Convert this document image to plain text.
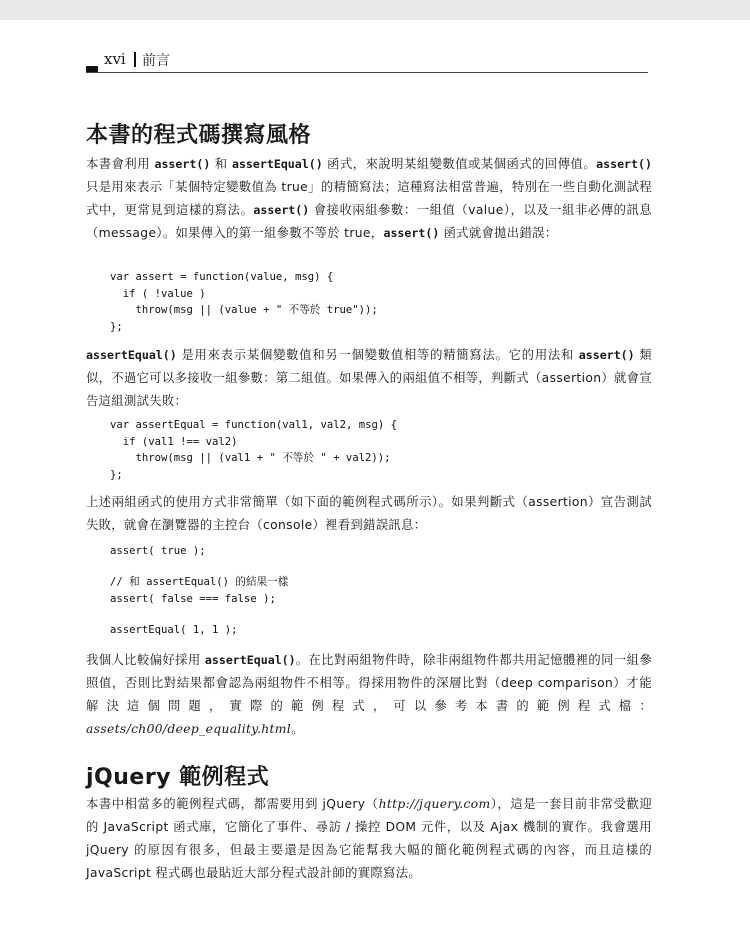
xvi 前言
本書的程式碼撰寫風格

本書會利用 assert() 和 assertEqual() 函式，來說明某組變數值或某個函式的回傳值。assert() 只是用來表示「某個特定變數值為 true」的精簡寫法；這種寫法相當普遍，特別在一些自動化測試程式中，更常見到這樣的寫法。assert() 會接收兩組參數：一組值（value），以及一組非必傳的訊息（message）。如果傳入的第一組參數不等於 true，assert() 函式就會拋出錯誤：

var assert = function(value, msg) {
if ( !value )
throw(msg || (value + " 不等於 true"));
};

assertEqual() 是用來表示某個變數值和另一個變數值相等的精簡寫法。它的用法和 assert() 類似，不過它可以多接收一組參數：第二組值。如果傳入的兩組值不相等，判斷式（assertion）就會宣告這組測試失敗：

var assertEqual = function(val1, val2, msg) {
if (val1 !== val2)
throw(msg || (val1 + " 不等於 " + val2));
};

上述兩組函式的使用方式非常簡單（如下面的範例程式碼所示）。如果判斷式（assertion）宣告測試失敗，就會在瀏覽器的主控台（console）裡看到錯誤訊息：

assert( true );
// 和 assertEqual() 的結果一樣
assert( false === false );
assertEqual( 1, 1 );

我個人比較偏好採用 assertEqual()。在比對兩組物件時，除非兩組物件都共用記憶體裡的同一組參照值，否則比對結果都會認為兩組物件不相等。得採用物件的深層比對（deep comparison）才能解決這個問題，實際的範例程式，可以參考本書的範例程式檔：assets/ch00/deep_equality.html。

jQuery 範例程式

本書中相當多的範例程式碼，都需要用到 jQuery（http://jquery.com），這是一套目前非常受歡迎的 JavaScript 函式庫，它簡化了事件、尋訪 / 操控 DOM 元件，以及 Ajax 機制的實作。我會選用 jQuery 的原因有很多，但最主要還是因為它能幫我大幅的簡化範例程式碼的內容，而且這樣的 JavaScript 程式碼也最貼近大部分程式設計師的實際寫法。
